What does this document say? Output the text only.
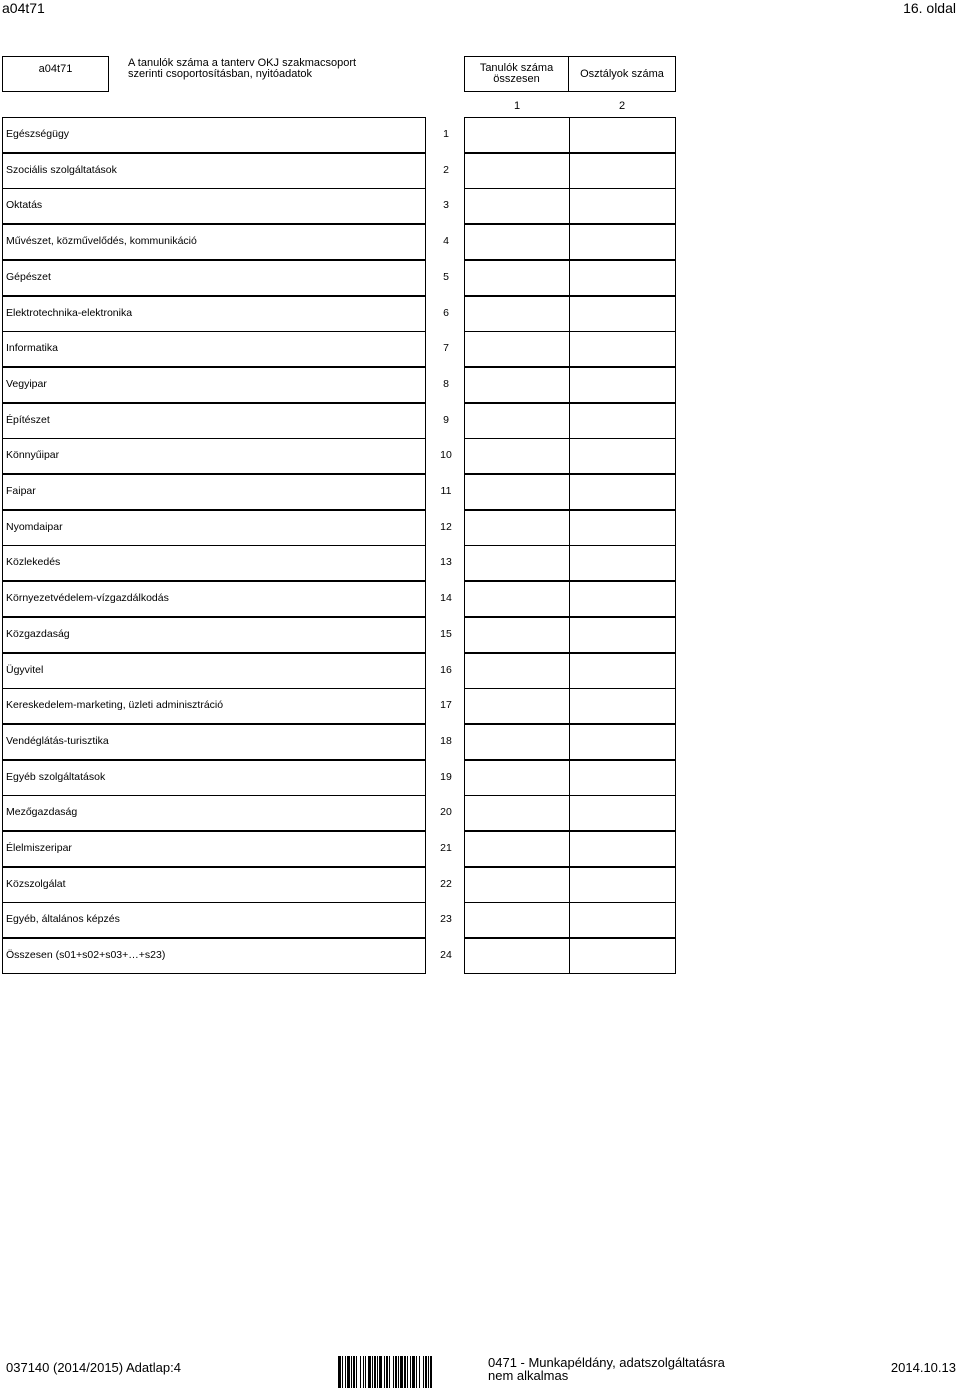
a04t71	16. oldal
a04t71	A tanulók száma a tanterv OKJ szakmacsoport
szerinti csoportosításban, nyitóadatok	Tanulók száma
összesen	Osztályok száma
1	2
Egészségügy	1
Szociális szolgáltatások	2
Oktatás	3
Művészet, közművelődés, kommunikáció	4
Gépészet	5
Elektrotechnika-elektronika	6
Informatika	7
Vegyipar	8
Építészet	9
Könnyűipar	10
Faipar	11
Nyomdaipar	12
Közlekedés	13
Környezetvédelem-vízgazdálkodás	14
Közgazdaság	15
Ügyvitel	16
Kereskedelem-marketing, üzleti adminisztráció	17
Vendéglátás-turisztika	18
Egyéb szolgáltatások	19
Mezőgazdaság	20
Élelmiszeripar	21
Közszolgálat	22
Egyéb, általános képzés	23
Összesen (s01+s02+s03+…+s23)	24
037140 (2014/2015) Adatlap:4	0471 - Munkapéldány, adatszolgáltatásra
nem alkalmas
2014.10.13
